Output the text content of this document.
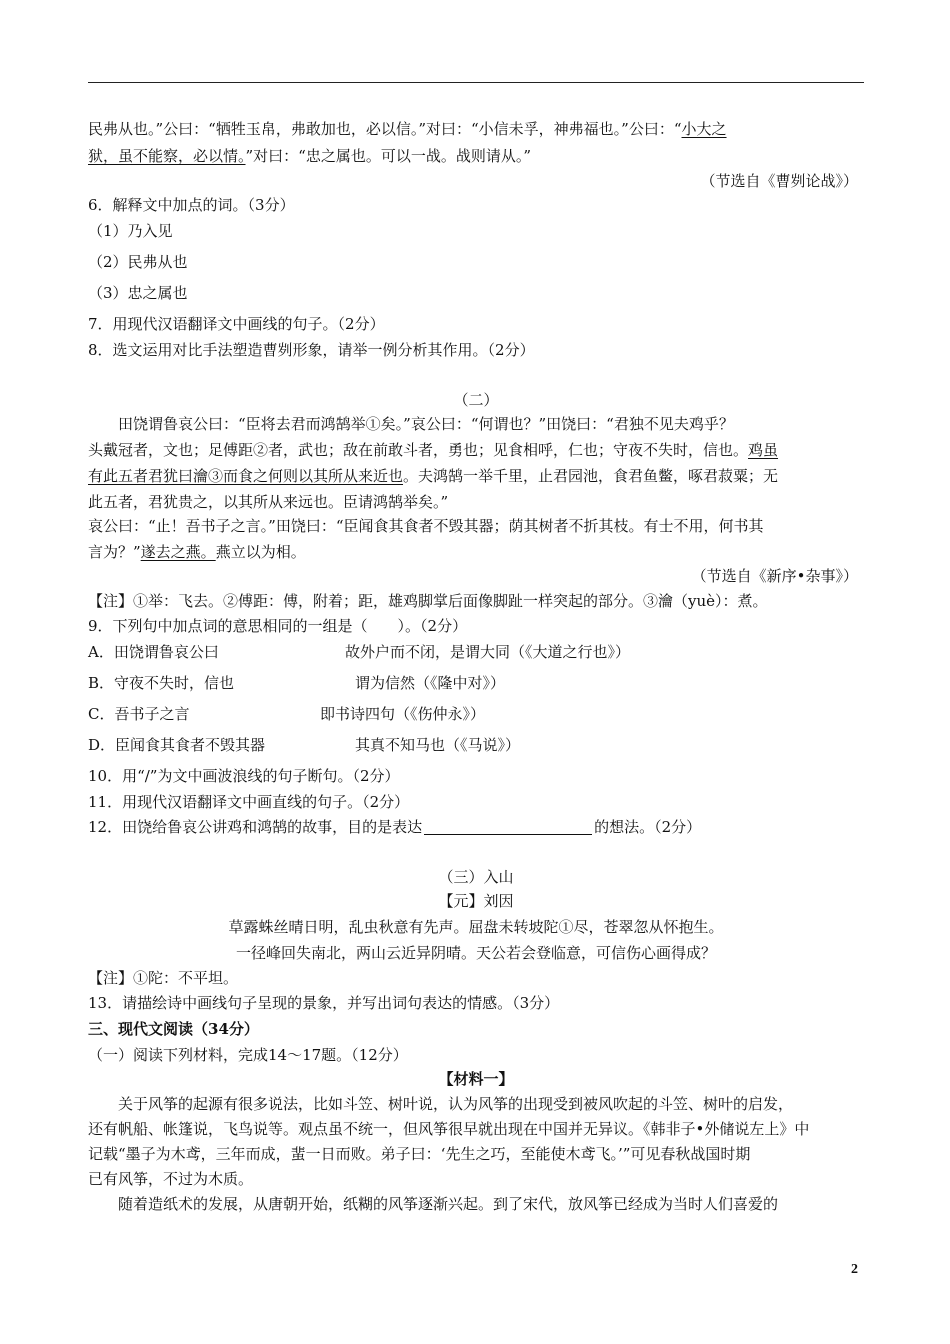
民弗从也。”公曰：“牺牲玉帛，弗敢加也，必以信。”对曰：“小信未孚，神弗福也。”公曰：“小大之
狱，虽不能察，必以情。”对曰：“忠之属也。可以一战。战则请从。”
（节选自《曹刿论战》）
6．解释文中加点的词。（3分）
（1）乃入见
（2）民弗从也
（3）忠之属也
7．用现代汉语翻译文中画线的句子。（2分）
8．选文运用对比手法塑造曹刿形象，请举一例分析其作用。（2分）
（二）
田饶谓鲁哀公曰：“臣将去君而鸿鹄举①矣。”哀公曰：“何谓也？”田饶曰：“君独不见夫鸡乎？
头戴冠者，文也；足傅距②者，武也；敌在前敢斗者，勇也；见食相呼，仁也；守夜不失时，信也。鸡虽
有此五者君犹曰瀹③而食之何则以其所从来近也。夫鸿鹄一举千里，止君园池，食君鱼鳖，啄君菽粟；无
此五者，君犹贵之，以其所从来远也。臣请鸿鹄举矣。”
哀公曰：“止！吾书子之言。”田饶曰：“臣闻食其食者不毁其器；荫其树者不折其枝。有士不用，何书其
言为？”遂去之燕。燕立以为相。
（节选自《新序•杂事》）
【注】①举：飞去。②傅距：傅，附着；距，雄鸡脚掌后面像脚趾一样突起的部分。③瀹（yuè）：煮。
9．下列句中加点词的意思相同的一组是（　　）。（2分）
A．田饶谓鲁哀公曰	故外户而不闭，是谓大同（《大道之行也》）
B．守夜不失时，信也	谓为信然（《隆中对》）
C．吾书子之言	即书诗四句（《伤仲永》）
D．臣闻食其食者不毁其器	其真不知马也（《马说》）
10．用“/”为文中画波浪线的句子断句。（2分）
11．用现代汉语翻译文中画直线的句子。（2分）
12．田饶给鲁哀公讲鸡和鸿鹄的故事，目的是表达	的想法。（2分）
（三）入山
【元】刘因
草露蛛丝晴日明，乱虫秋意有先声。屈盘未转坡陀①尽，苍翠忽从怀抱生。
一径峰回失南北，两山云近异阴晴。天公若会登临意，可信伤心画得成？
【注】①陀：不平坦。
13．请描绘诗中画线句子呈现的景象，并写出词句表达的情感。（3分）
三、现代文阅读（34分）
（一）阅读下列材料，完成14～17题。（12分）
【材料一】
关于风筝的起源有很多说法，比如斗笠、树叶说，认为风筝的出现受到被风吹起的斗笠、树叶的启发，
还有帆船、帐篷说，飞鸟说等。观点虽不统一，但风筝很早就出现在中国并无异议。《韩非子•外储说左上》中
记载“墨子为木鸢，三年而成，蜚一日而败。弟子曰：‘先生之巧，至能使木鸢飞。’”可见春秋战国时期
已有风筝，不过为木质。
随着造纸术的发展，从唐朝开始，纸糊的风筝逐渐兴起。到了宋代，放风筝已经成为当时人们喜爱的
2
